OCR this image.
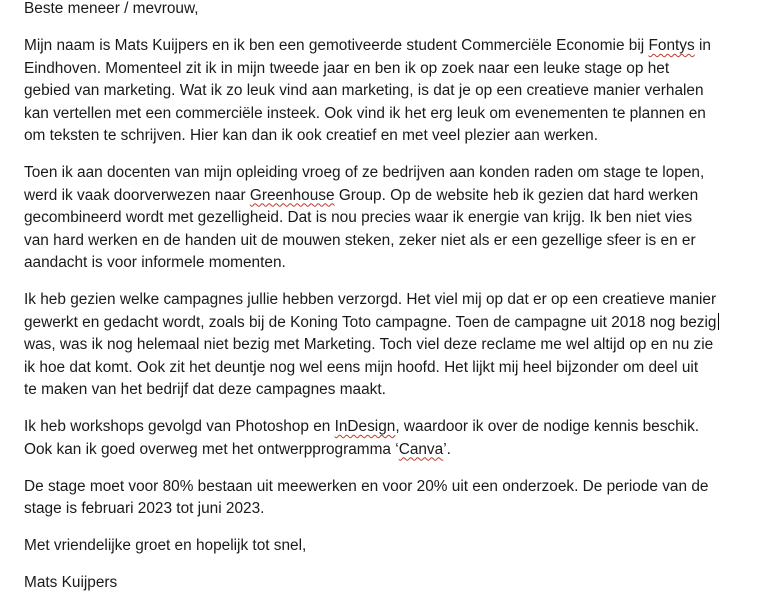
Beste meneer / mevrouw,

Mijn naam is Mats Kuijpers en ik ben een gemotiveerde student Commerciële Economie bij Fontys in
Eindhoven. Momenteel zit ik in mijn tweede jaar en ben ik op zoek naar een leuke stage op het
gebied van marketing. Wat ik zo leuk vind aan marketing, is dat je op een creatieve manier verhalen
kan vertellen met een commerciële insteek. Ook vind ik het erg leuk om evenementen te plannen en
om teksten te schrijven. Hier kan dan ik ook creatief en met veel plezier aan werken.

Toen ik aan docenten van mijn opleiding vroeg of ze bedrijven aan konden raden om stage te lopen,
werd ik vaak doorverwezen naar Greenhouse Group. Op de website heb ik gezien dat hard werken
gecombineerd wordt met gezelligheid. Dat is nou precies waar ik energie van krijg. Ik ben niet vies
van hard werken en de handen uit de mouwen steken, zeker niet als er een gezellige sfeer is en er
aandacht is voor informele momenten.

Ik heb gezien welke campagnes jullie hebben verzorgd. Het viel mij op dat er op een creatieve manier
gewerkt en gedacht wordt, zoals bij de Koning Toto campagne. Toen de campagne uit 2018 nog bezig
was, was ik nog helemaal niet bezig met Marketing. Toch viel deze reclame me wel altijd op en nu zie
ik hoe dat komt. Ook zit het deuntje nog wel eens mijn hoofd. Het lijkt mij heel bijzonder om deel uit
te maken van het bedrijf dat deze campagnes maakt.

Ik heb workshops gevolgd van Photoshop en InDesign, waardoor ik over de nodige kennis beschik.
Ook kan ik goed overweg met het ontwerpprogramma ‘Canva’.

De stage moet voor 80% bestaan uit meewerken en voor 20% uit een onderzoek. De periode van de
stage is februari 2023 tot juni 2023.

Met vriendelijke groet en hopelijk tot snel,

Mats Kuijpers
